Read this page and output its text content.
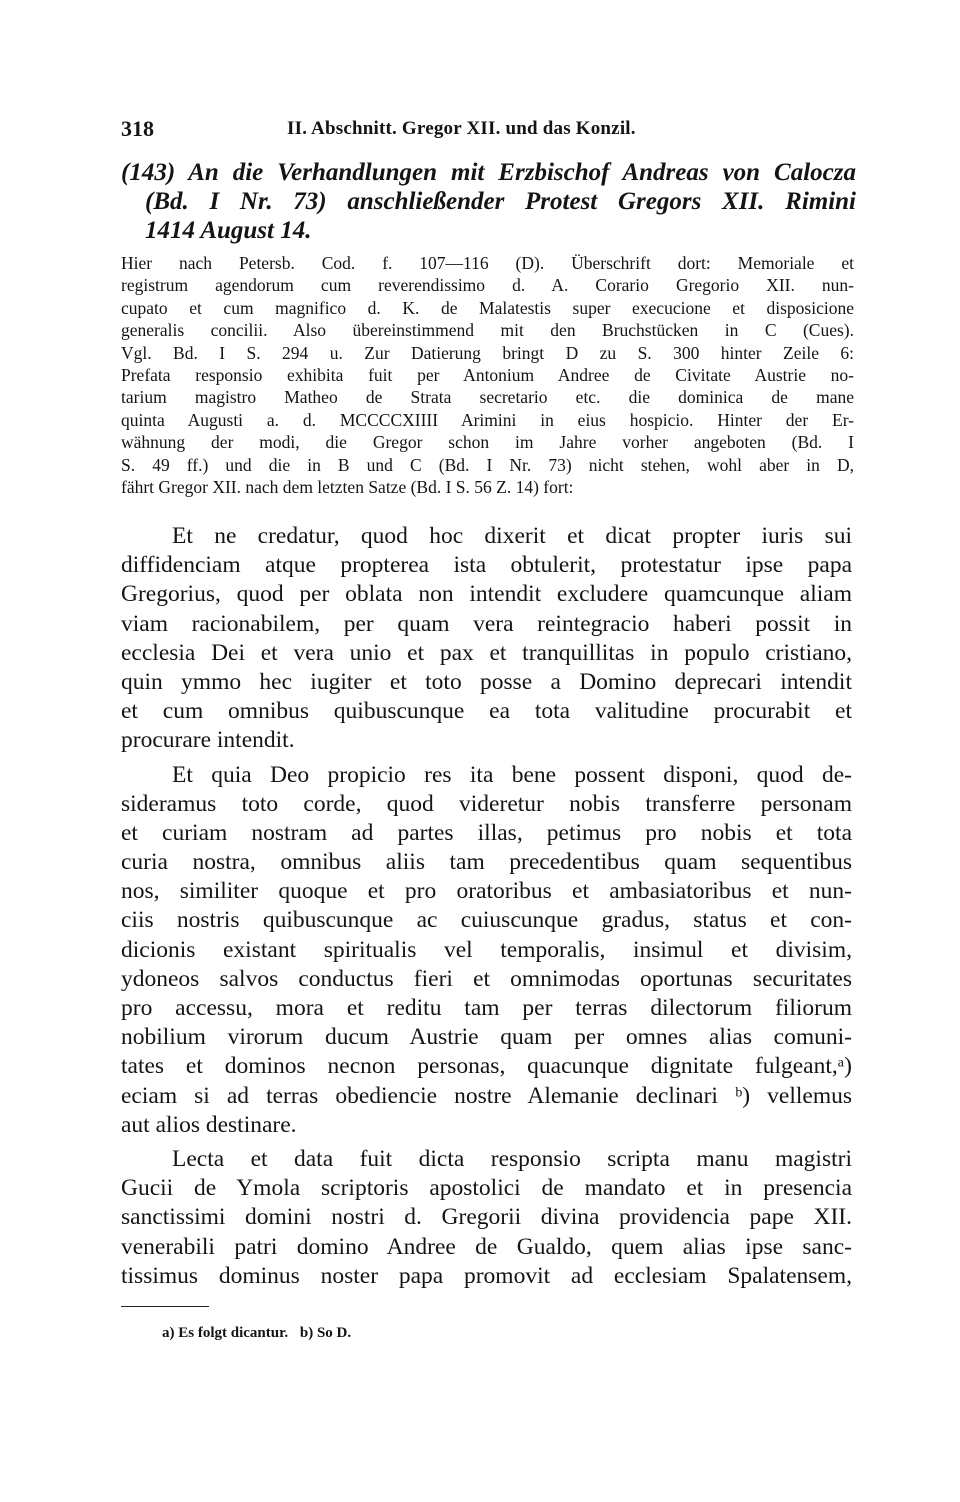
318	II. Abschnitt. Gregor XII. und das Konzil.
(143) An die Verhandlungen mit Erzbischof Andreas von Calocza
(Bd. I Nr. 73) anschließender Protest Gregors XII. Rimini
1414 August 14.
Hier nach Petersb. Cod. f. 107—116 (D). Überschrift dort: Memoriale et
registrum agendorum cum reverendissimo d. A. Corario Gregorio XII. nun-
cupato et cum magnifico d. K. de Malatestis super execucione et disposicione
generalis concilii. Also übereinstimmend mit den Bruchstücken in C (Cues).
Vgl. Bd. I S. 294 u. Zur Datierung bringt D zu S. 300 hinter Zeile 6:
Prefata responsio exhibita fuit per Antonium Andree de Civitate Austrie no-
tarium magistro Matheo de Strata secretario etc. die dominica de mane
quinta Augusti a. d. MCCCCXIIII Arimini in eius hospicio. Hinter der Er-
wähnung der modi, die Gregor schon im Jahre vorher angeboten (Bd. I
S. 49 ff.) und die in B und C (Bd. I Nr. 73) nicht stehen, wohl aber in D,
fährt Gregor XII. nach dem letzten Satze (Bd. I S. 56 Z. 14) fort:
Et ne credatur, quod hoc dixerit et dicat propter iuris sui
diffidenciam atque propterea ista obtulerit, protestatur ipse papa
Gregorius, quod per oblata non intendit excludere quamcunque aliam
viam racionabilem, per quam vera reintegracio haberi possit in
ecclesia Dei et vera unio et pax et tranquillitas in populo cristiano,
quin ymmo hec iugiter et toto posse a Domino deprecari intendit
et cum omnibus quibuscunque ea tota valitudine procurabit et
procurare intendit.
Et quia Deo propicio res ita bene possent disponi, quod de-
sideramus toto corde, quod videretur nobis transferre personam
et curiam nostram ad partes illas, petimus pro nobis et tota
curia nostra, omnibus aliis tam precedentibus quam sequentibus
nos, similiter quoque et pro oratoribus et ambasiatoribus et nun-
ciis nostris quibuscunque ac cuiuscunque gradus, status et con-
dicionis existant spiritualis vel temporalis, insimul et divisim,
ydoneos salvos conductus fieri et omnimodas oportunas securitates
pro accessu, mora et reditu tam per terras dilectorum filiorum
nobilium virorum ducum Austrie quam per omnes alias comuni-
tates et dominos necnon personas, quacunque dignitate fulgeant,ᵃ)
eciam si ad terras obediencie nostre Alemanie declinari ᵇ) vellemus
aut alios destinare.
Lecta et data fuit dicta responsio scripta manu magistri
Gucii de Ymola scriptoris apostolici de mandato et in presencia
sanctissimi domini nostri d. Gregorii divina providencia pape XII.
venerabili patri domino Andree de Gualdo, quem alias ipse sanc-
tissimus dominus noster papa promovit ad ecclesiam Spalatensem,
a) Es folgt dicantur. b) So D.
